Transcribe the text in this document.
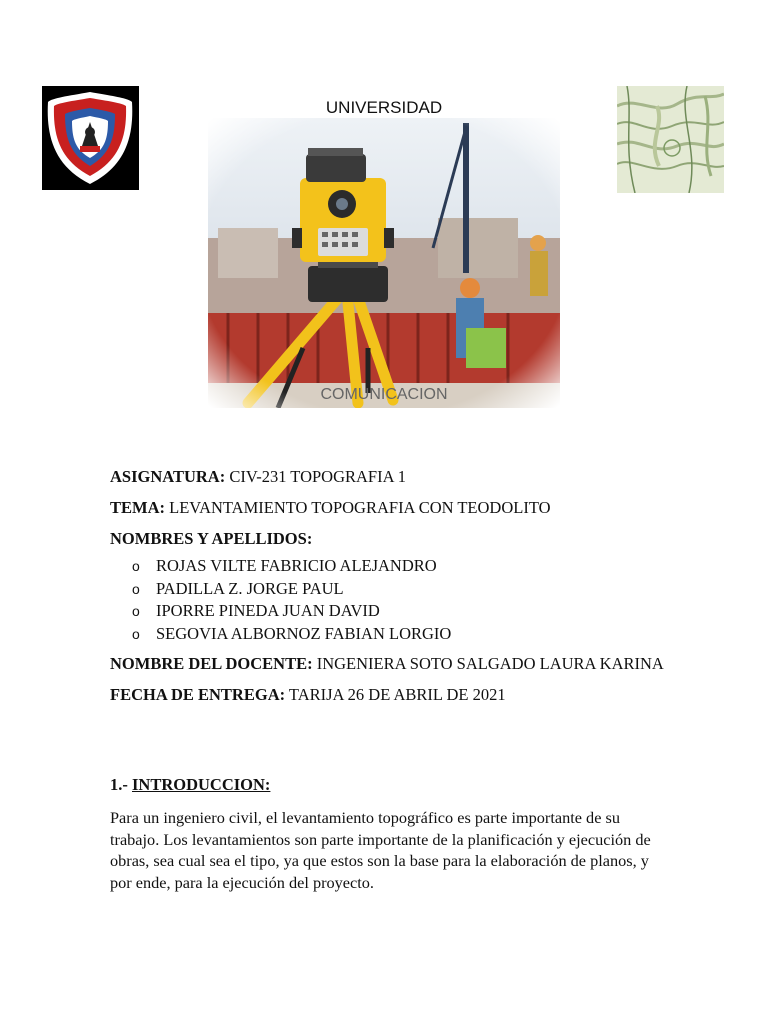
UNIVERSIDAD
COMUNICACION

ASIGNATURA: CIV-231 TOPOGRAFIA 1

TEMA: LEVANTAMIENTO TOPOGRAFIA CON TEODOLITO

NOMBRES Y APELLIDOS:

o ROJAS VILTE FABRICIO ALEJANDRO
o PADILLA Z. JORGE PAUL
o IPORRE PINEDA JUAN DAVID
o SEGOVIA ALBORNOZ FABIAN LORGIO

NOMBRE DEL DOCENTE: INGENIERA SOTO SALGADO LAURA KARINA

FECHA DE ENTREGA: TARIJA 26 DE ABRIL DE 2021

1.- INTRODUCCION:

Para un ingeniero civil, el levantamiento topográfico es parte importante de su trabajo. Los levantamientos son parte importante de la planificación y ejecución de obras, sea cual sea el tipo, ya que estos son la base para la elaboración de planos, y por ende, para la ejecución del proyecto.
